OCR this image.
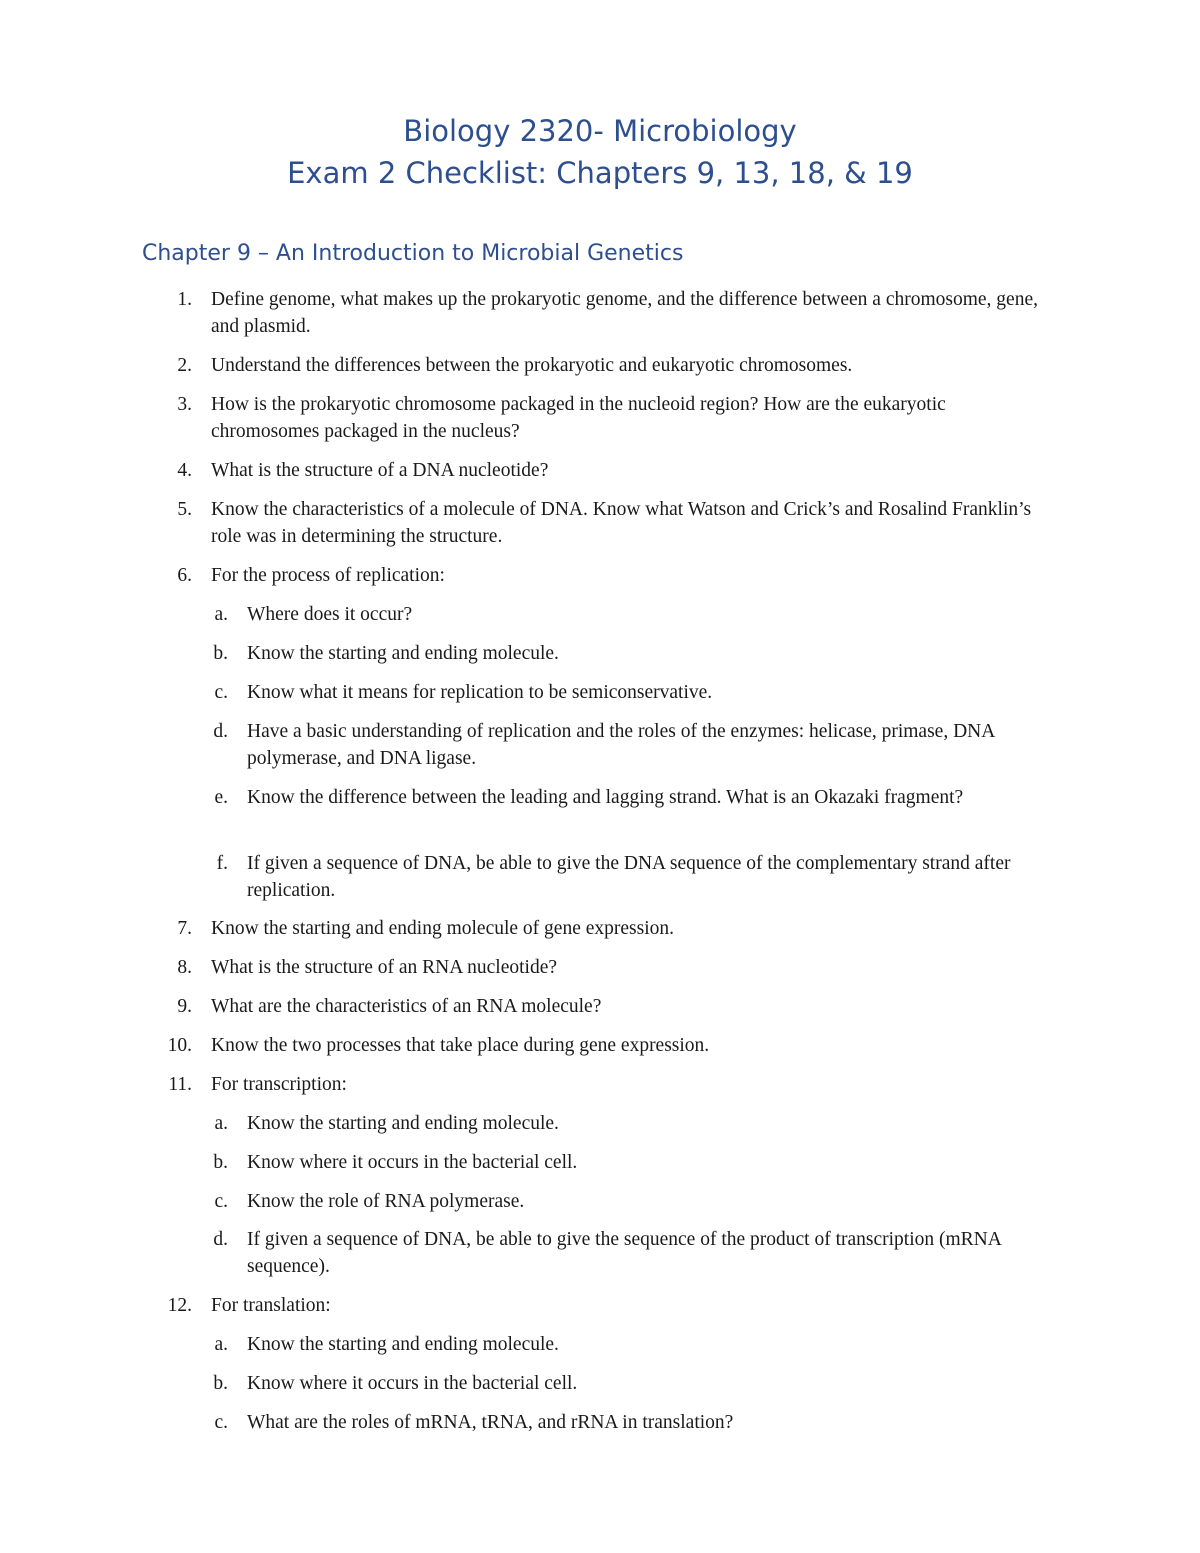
Biology 2320- Microbiology
Exam 2 Checklist: Chapters 9, 13, 18, & 19
Chapter 9 – An Introduction to Microbial Genetics
1. Define genome, what makes up the prokaryotic genome, and the difference between a chromosome, gene, and plasmid.
2. Understand the differences between the prokaryotic and eukaryotic chromosomes.
3. How is the prokaryotic chromosome packaged in the nucleoid region? How are the eukaryotic chromosomes packaged in the nucleus?
4. What is the structure of a DNA nucleotide?
5. Know the characteristics of a molecule of DNA. Know what Watson and Crick’s and Rosalind Franklin’s role was in determining the structure.
6. For the process of replication:
a. Where does it occur?
b. Know the starting and ending molecule.
c. Know what it means for replication to be semiconservative.
d. Have a basic understanding of replication and the roles of the enzymes: helicase, primase, DNA polymerase, and DNA ligase.
e. Know the difference between the leading and lagging strand. What is an Okazaki fragment?
f. If given a sequence of DNA, be able to give the DNA sequence of the complementary strand after replication.
7. Know the starting and ending molecule of gene expression.
8. What is the structure of an RNA nucleotide?
9. What are the characteristics of an RNA molecule?
10. Know the two processes that take place during gene expression.
11. For transcription:
a. Know the starting and ending molecule.
b. Know where it occurs in the bacterial cell.
c. Know the role of RNA polymerase.
d. If given a sequence of DNA, be able to give the sequence of the product of transcription (mRNA sequence).
12. For translation:
a. Know the starting and ending molecule.
b. Know where it occurs in the bacterial cell.
c. What are the roles of mRNA, tRNA, and rRNA in translation?
